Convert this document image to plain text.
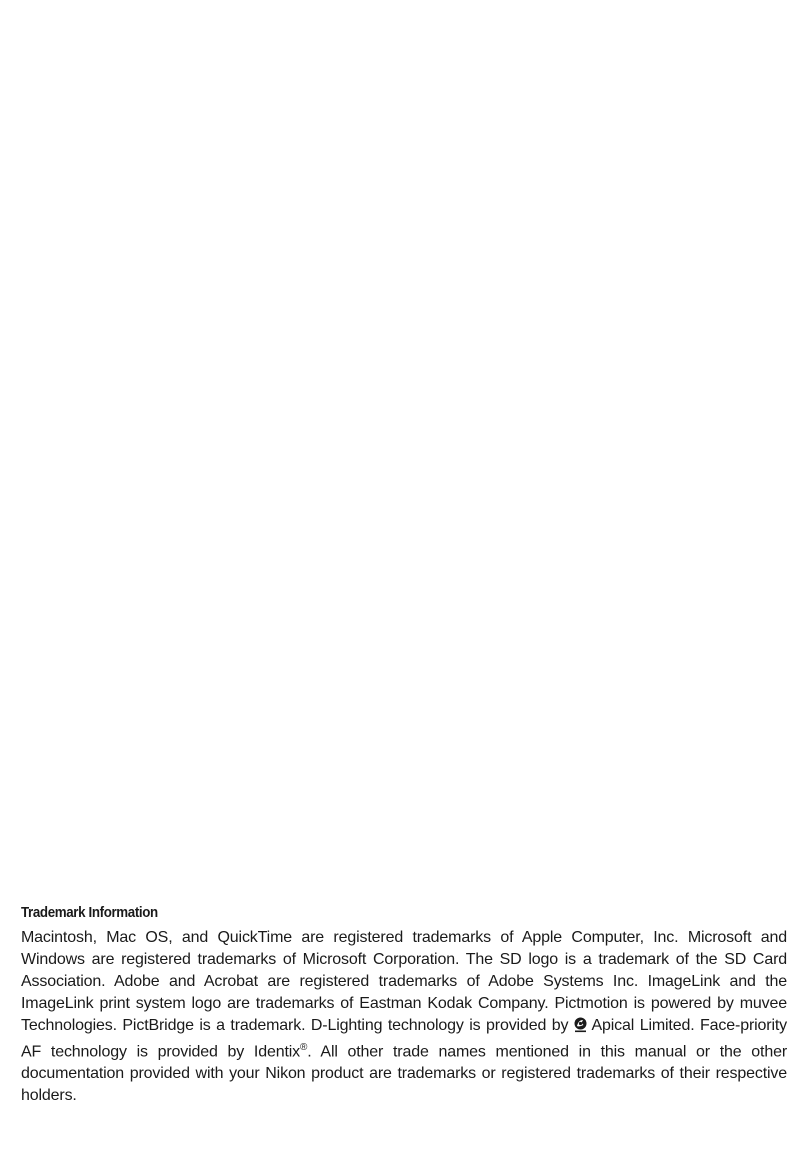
Trademark Information

Macintosh, Mac OS, and QuickTime are registered trademarks of Apple Computer, Inc. Microsoft and Windows are registered trademarks of Microsoft Corporation. The SD logo is a trademark of the SD Card Association. Adobe and Acrobat are registered trademarks of Adobe Systems Inc. ImageLink and the ImageLink print system logo are trademarks of Eastman Kodak Company. Pictmotion is powered by muvee Technologies. PictBridge is a trademark. D-Lighting technology is provided by  Apical Limited. Face-priority AF technology is provided by Identix®. All other trade names mentioned in this manual or the other documentation provided with your Nikon product are trademarks or registered trademarks of their respective holders.
